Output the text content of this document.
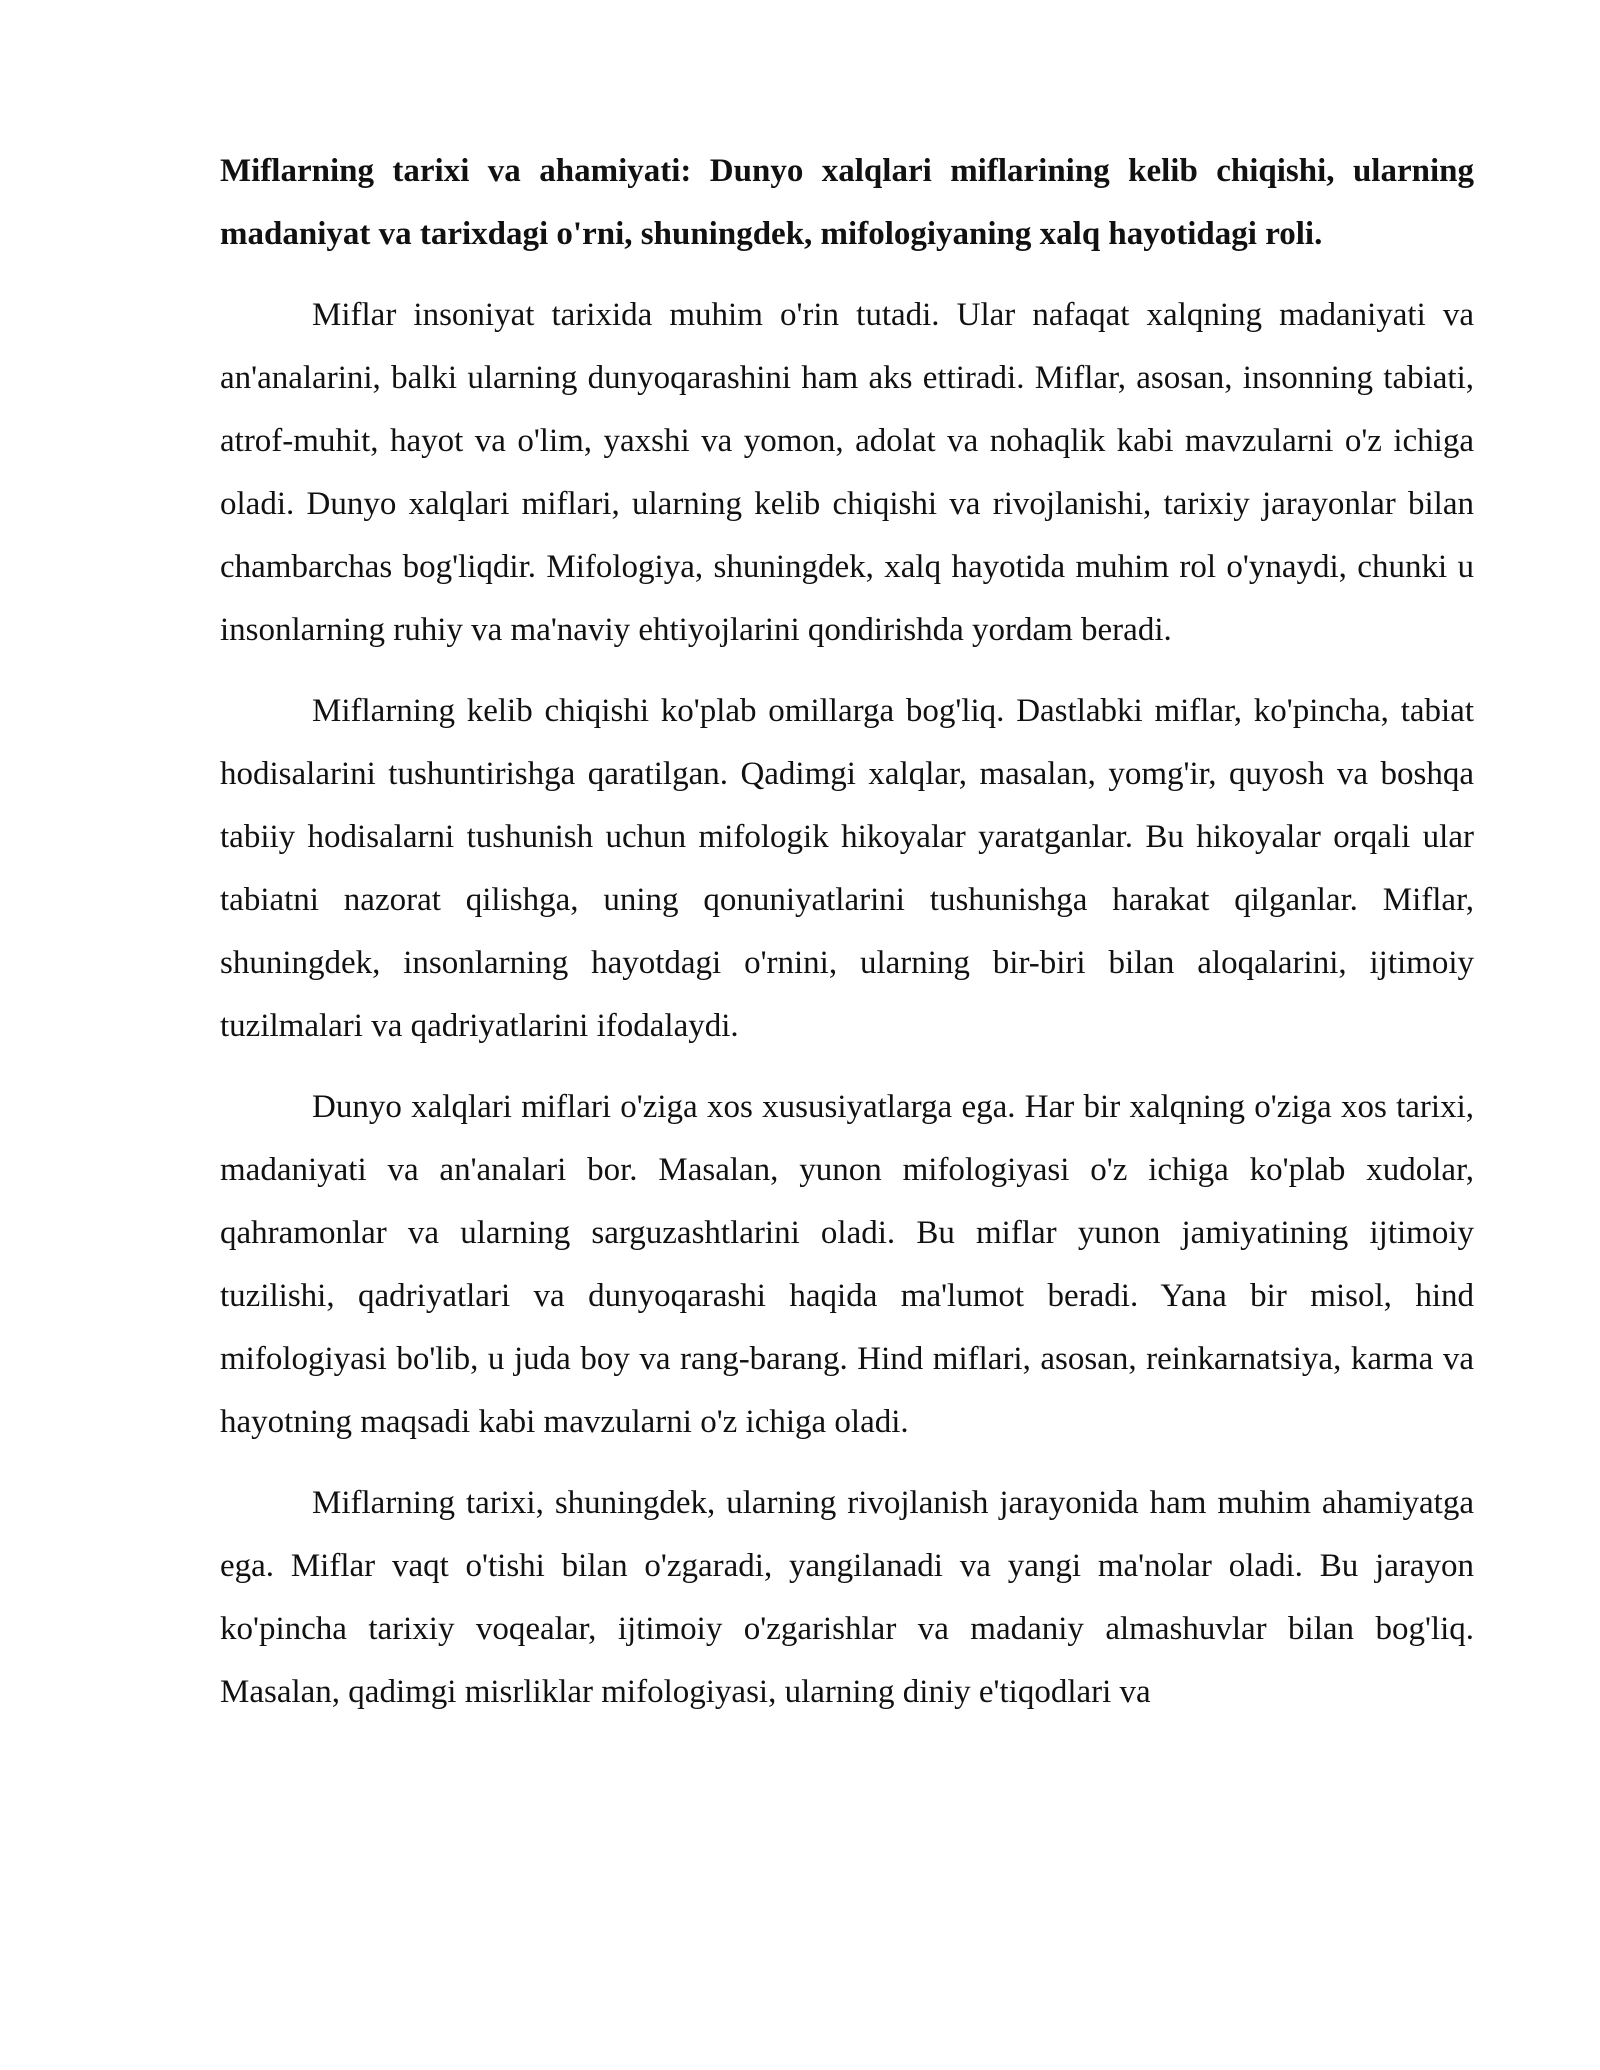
Miflarning tarixi va ahamiyati: Dunyo xalqlari miflarining kelib chiqishi, ularning madaniyat va tarixdagi o'rni, shuningdek, mifologiyaning xalq hayotidagi roli.

Miflar insoniyat tarixida muhim o'rin tutadi. Ular nafaqat xalqning madaniyati va an'analarini, balki ularning dunyoqarashini ham aks ettiradi. Miflar, asosan, insonning tabiati, atrof-muhit, hayot va o'lim, yaxshi va yomon, adolat va nohaqlik kabi mavzularni o'z ichiga oladi. Dunyo xalqlari miflari, ularning kelib chiqishi va rivojlanishi, tarixiy jarayonlar bilan chambarchas bog'liqdir. Mifologiya, shuningdek, xalq hayotida muhim rol o'ynaydi, chunki u insonlarning ruhiy va ma'naviy ehtiyojlarini qondirishda yordam beradi.

Miflarning kelib chiqishi ko'plab omillarga bog'liq. Dastlabki miflar, ko'pincha, tabiat hodisalarini tushuntirishga qaratilgan. Qadimgi xalqlar, masalan, yomg'ir, quyosh va boshqa tabiiy hodisalarni tushunish uchun mifologik hikoyalar yaratganlar. Bu hikoyalar orqali ular tabiatni nazorat qilishga, uning qonuniyatlarini tushunishga harakat qilganlar. Miflar, shuningdek, insonlarning hayotdagi o'rnini, ularning bir-biri bilan aloqalarini, ijtimoiy tuzilmalari va qadriyatlarini ifodalaydi.

Dunyo xalqlari miflari o'ziga xos xususiyatlarga ega. Har bir xalqning o'ziga xos tarixi, madaniyati va an'analari bor. Masalan, yunon mifologiyasi o'z ichiga ko'plab xudolar, qahramonlar va ularning sarguzashtlarini oladi. Bu miflar yunon jamiyatining ijtimoiy tuzilishi, qadriyatlari va dunyoqarashi haqida ma'lumot beradi. Yana bir misol, hind mifologiyasi bo'lib, u juda boy va rang-barang. Hind miflari, asosan, reinkarnatsiya, karma va hayotning maqsadi kabi mavzularni o'z ichiga oladi.

Miflarning tarixi, shuningdek, ularning rivojlanish jarayonida ham muhim ahamiyatga ega. Miflar vaqt o'tishi bilan o'zgaradi, yangilanadi va yangi ma'nolar oladi. Bu jarayon ko'pincha tarixiy voqealar, ijtimoiy o'zgarishlar va madaniy almashuvlar bilan bog'liq. Masalan, qadimgi misrliklar mifologiyasi, ularning diniy e'tiqodlari va
